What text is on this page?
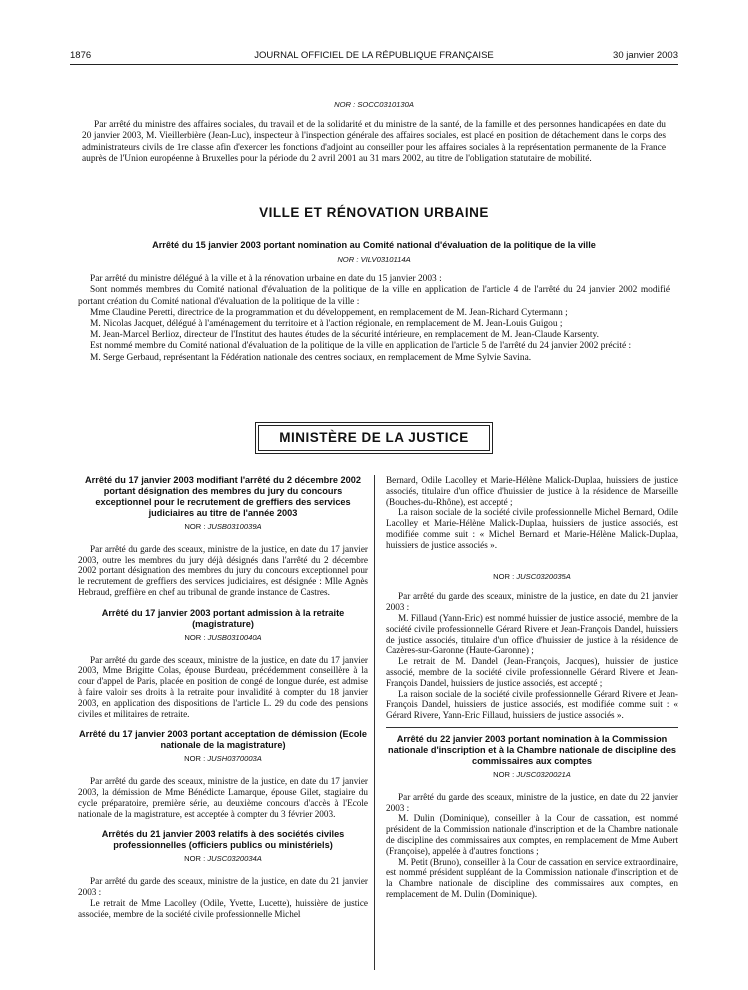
1876	JOURNAL OFFICIEL DE LA RÉPUBLIQUE FRANÇAISE	30 janvier 2003
NOR : SOCC0310130A

Par arrêté du ministre des affaires sociales, du travail et de la solidarité et du ministre de la santé, de la famille et des personnes handicapées en date du 20 janvier 2003, M. Vieillerbière (Jean-Luc), inspecteur à l'inspection générale des affaires sociales, est placé en position de détachement dans le corps des administrateurs civils de 1re classe afin d'exercer les fonctions d'adjoint au conseiller pour les affaires sociales à la représentation permanente de la France auprès de l'Union européenne à Bruxelles pour la période du 2 avril 2001 au 31 mars 2002, au titre de l'obligation statutaire de mobilité.

VILLE ET RÉNOVATION URBAINE

Arrêté du 15 janvier 2003 portant nomination au Comité national d'évaluation de la politique de la ville

NOR : VILV0310114A

Par arrêté du ministre délégué à la ville et à la rénovation urbaine en date du 15 janvier 2003 :

Sont nommés membres du Comité national d'évaluation de la politique de la ville en application de l'article 4 de l'arrêté du 24 janvier 2002 modifié portant création du Comité national d'évaluation de la politique de la ville :

Mme Claudine Peretti, directrice de la programmation et du développement, en remplacement de M. Jean-Richard Cytermann ;

M. Nicolas Jacquet, délégué à l'aménagement du territoire et à l'action régionale, en remplacement de M. Jean-Louis Guigou ;

M. Jean-Marcel Berlioz, directeur de l'Institut des hautes études de la sécurité intérieure, en remplacement de M. Jean-Claude Karsenty.

Est nommé membre du Comité national d'évaluation de la politique de la ville en application de l'article 5 de l'arrêté du 24 janvier 2002 précité :

M. Serge Gerbaud, représentant la Fédération nationale des centres sociaux, en remplacement de Mme Sylvie Savina.

MINISTÈRE DE LA JUSTICE

Arrêté du 17 janvier 2003 modifiant l'arrêté du 2 décembre 2002 portant désignation des membres du jury du concours exceptionnel pour le recrutement de greffiers des services judiciaires au titre de l'année 2003

NOR : JUSB0310039A

Par arrêté du garde des sceaux, ministre de la justice, en date du 17 janvier 2003, outre les membres du jury déjà désignés dans l'arrêté du 2 décembre 2002 portant désignation des membres du jury du concours exceptionnel pour le recrutement de greffiers des services judiciaires, est désignée : Mlle Agnès Hebraud, greffière en chef au tribunal de grande instance de Castres.

Arrêté du 17 janvier 2003 portant admission à la retraite (magistrature)

NOR : JUSB0310040A

Par arrêté du garde des sceaux, ministre de la justice, en date du 17 janvier 2003, Mme Brigitte Colas, épouse Burdeau, précédemment conseillère à la cour d'appel de Paris, placée en position de congé de longue durée, est admise à faire valoir ses droits à la retraite pour invalidité à compter du 18 janvier 2003, en application des dispositions de l'article L. 29 du code des pensions civiles et militaires de retraite.

Arrêté du 17 janvier 2003 portant acceptation de démission (Ecole nationale de la magistrature)

NOR : JUSH0370003A

Par arrêté du garde des sceaux, ministre de la justice, en date du 17 janvier 2003, la démission de Mme Bénédicte Lamarque, épouse Gilet, stagiaire du cycle préparatoire, première série, au deuxième concours d'accès à l'Ecole nationale de la magistrature, est acceptée à compter du 3 février 2003.

Arrêtés du 21 janvier 2003 relatifs à des sociétés civiles professionnelles (officiers publics ou ministériels)

NOR : JUSC0320034A

Par arrêté du garde des sceaux, ministre de la justice, en date du 21 janvier 2003 :

Le retrait de Mme Lacolley (Odile, Yvette, Lucette), huissière de justice associée, membre de la société civile professionnelle Michel

Bernard, Odile Lacolley et Marie-Hélène Malick-Duplaa, huissiers de justice associés, titulaire d'un office d'huissier de justice à la résidence de Marseille (Bouches-du-Rhône), est accepté ;

La raison sociale de la société civile professionnelle Michel Bernard, Odile Lacolley et Marie-Hélène Malick-Duplaa, huissiers de justice associés, est modifiée comme suit : « Michel Bernard et Marie-Hélène Malick-Duplaa, huissiers de justice associés ».

NOR : JUSC0320035A

Par arrêté du garde des sceaux, ministre de la justice, en date du 21 janvier 2003 :

M. Fillaud (Yann-Eric) est nommé huissier de justice associé, membre de la société civile professionnelle Gérard Rivere et Jean-François Dandel, huissiers de justice associés, titulaire d'un office d'huissier de justice à la résidence de Cazères-sur-Garonne (Haute-Garonne) ;

Le retrait de M. Dandel (Jean-François, Jacques), huissier de justice associé, membre de la société civile professionnelle Gérard Rivere et Jean-François Dandel, huissiers de justice associés, est accepté ;

La raison sociale de la société civile professionnelle Gérard Rivere et Jean-François Dandel, huissiers de justice associés, est modifiée comme suit : « Gérard Rivere, Yann-Eric Fillaud, huissiers de justice associés ».

Arrêté du 22 janvier 2003 portant nomination à la Commission nationale d'inscription et à la Chambre nationale de discipline des commissaires aux comptes

NOR : JUSC0320021A

Par arrêté du garde des sceaux, ministre de la justice, en date du 22 janvier 2003 :

M. Dulin (Dominique), conseiller à la Cour de cassation, est nommé président de la Commission nationale d'inscription et de la Chambre nationale de discipline des commissaires aux comptes, en remplacement de Mme Aubert (Françoise), appelée à d'autres fonctions ;

M. Petit (Bruno), conseiller à la Cour de cassation en service extraordinaire, est nommé président suppléant de la Commission nationale d'inscription et de la Chambre nationale de discipline des commissaires aux comptes, en remplacement de M. Dulin (Dominique).
